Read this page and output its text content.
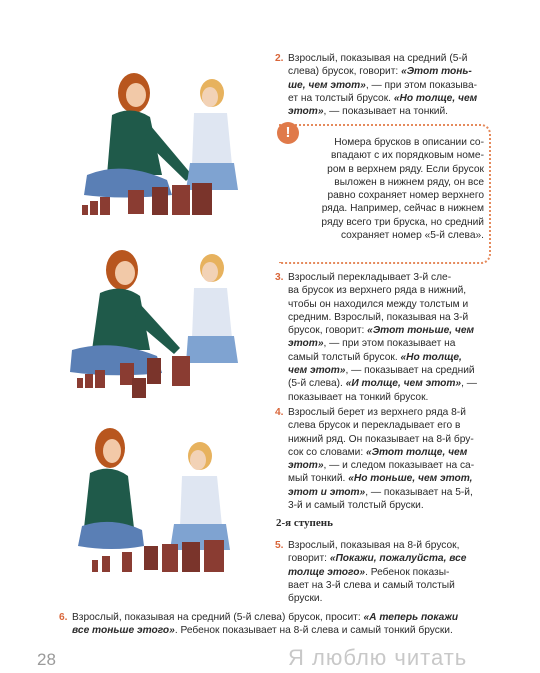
2. Взрослый, показывая на средний (5-й
слева) брусок, говорит: «Этот тонь-
ше, чем этот», — при этом показыва-
ет на толстый брусок. «Но толще, чем
этот», — показывает на тонкий.
!
Номера брусков в описании со-
впадают с их порядковым номе-
ром в верхнем ряду. Если брусок
выложен в нижнем ряду, он все
равно сохраняет номер верхнего
ряда. Например, сейчас в нижнем
ряду всего три бруска, но средний
сохраняет номер «5-й слева».
3. Взрослый перекладывает 3-й сле-
ва брусок из верхнего ряда в нижний,
чтобы он находился между толстым и
средним. Взрослый, показывая на 3-й
брусок, говорит: «Этот тоньше, чем
этот», — при этом показывает на
самый толстый брусок. «Но толще,
чем этот», — показывает на средний
(5-й слева). «И толще, чем этот», —
показывает на тонкий брусок.
4. Взрослый берет из верхнего ряда 8-й
слева брусок и перекладывает его в
нижний ряд. Он показывает на 8-й бру-
сок со словами: «Этот толще, чем
этот», — и следом показывает на са-
мый тонкий. «Но тоньше, чем этот,
этот и этот», — показывает на 5-й,
3-й и самый толстый бруски.
2-я ступень
5. Взрослый, показывая на 8-й брусок,
говорит: «Покажи, пожалуйста, все
толще этого». Ребенок показы-
вает на 3-й слева и самый толстый
бруски.
6. Взрослый, показывая на средний (5-й слева) брусок, просит: «А теперь покажи
все тоньше этого». Ребенок показывает на 8-й слева и самый тонкий бруски.
28	Я люблю читать
